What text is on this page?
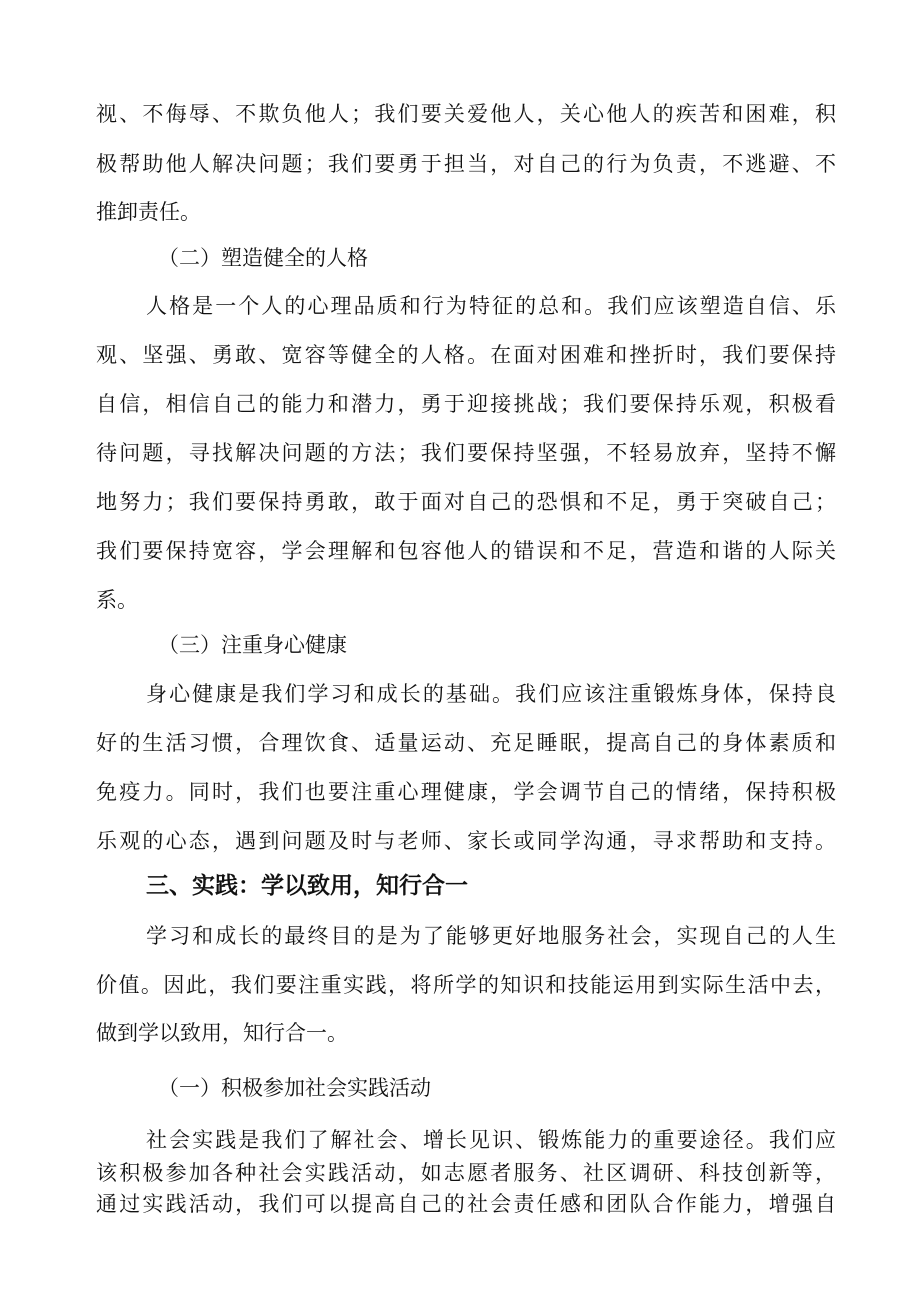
视、不侮辱、不欺负他人；我们要关爱他人，关心他人的疾苦和困难，积
极帮助他人解决问题；我们要勇于担当，对自己的行为负责，不逃避、不
推卸责任。
（二）塑造健全的人格
人格是一个人的心理品质和行为特征的总和。我们应该塑造自信、乐
观、坚强、勇敢、宽容等健全的人格。在面对困难和挫折时，我们要保持
自信，相信自己的能力和潜力，勇于迎接挑战；我们要保持乐观，积极看
待问题，寻找解决问题的方法；我们要保持坚强，不轻易放弃，坚持不懈
地努力；我们要保持勇敢，敢于面对自己的恐惧和不足，勇于突破自己；
我们要保持宽容，学会理解和包容他人的错误和不足，营造和谐的人际关
系。
（三）注重身心健康
身心健康是我们学习和成长的基础。我们应该注重锻炼身体，保持良
好的生活习惯，合理饮食、适量运动、充足睡眠，提高自己的身体素质和
免疫力。同时，我们也要注重心理健康，学会调节自己的情绪，保持积极
乐观的心态，遇到问题及时与老师、家长或同学沟通，寻求帮助和支持。
三、实践：学以致用，知行合一
学习和成长的最终目的是为了能够更好地服务社会，实现自己的人生
价值。因此，我们要注重实践，将所学的知识和技能运用到实际生活中去，
做到学以致用，知行合一。
（一）积极参加社会实践活动
社会实践是我们了解社会、增长见识、锻炼能力的重要途径。我们应
该积极参加各种社会实践活动，如志愿者服务、社区调研、科技创新等，
通过实践活动，我们可以提高自己的社会责任感和团队合作能力，增强自
